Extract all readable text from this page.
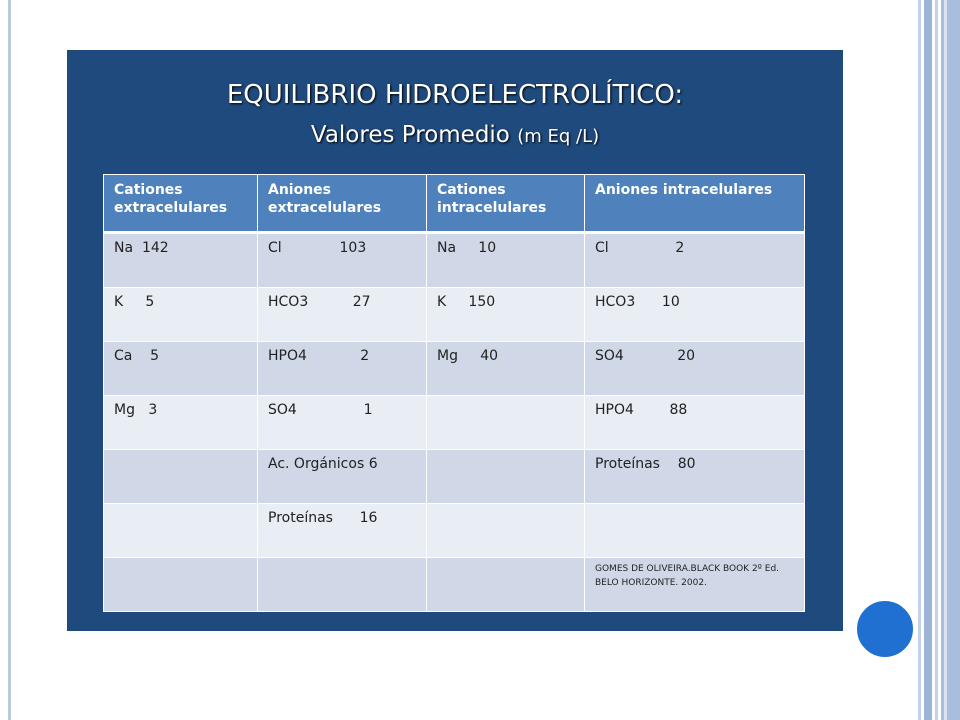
EQUILIBRIO HIDROELECTROLÍTICO:
Valores Promedio (m Eq /L)
Cationes extracelulares	Aniones extracelulares	Cationes intracelulares	Aniones intracelulares
Na  142	Cl             103	Na     10	Cl               2
K     5	HCO3          27	K     150	HCO3      10
Ca    5	HPO4            2	Mg     40	SO4            20
Mg   3	SO4               1		HPO4        88
	Ac. Orgánicos 6		Proteínas    80
	Proteínas      16		
			GOMES DE OLIVEIRA.BLACK BOOK 2º Ed. BELO HORIZONTE. 2002.
